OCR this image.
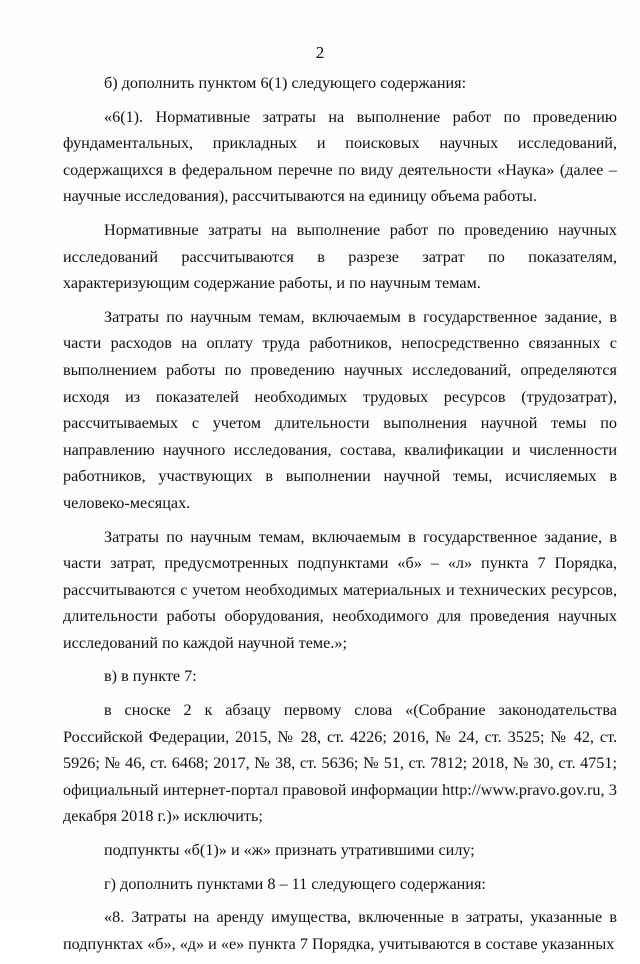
2

б) дополнить пунктом 6(1) следующего содержания:

«6(1). Нормативные затраты на выполнение работ по проведению фундаментальных, прикладных и поисковых научных исследований, содержащихся в федеральном перечне по виду деятельности «Наука» (далее – научные исследования), рассчитываются на единицу объема работы.

Нормативные затраты на выполнение работ по проведению научных исследований рассчитываются в разрезе затрат по показателям, характеризующим содержание работы, и по научным темам.

Затраты по научным темам, включаемым в государственное задание, в части расходов на оплату труда работников, непосредственно связанных с выполнением работы по проведению научных исследований, определяются исходя из показателей необходимых трудовых ресурсов (трудозатрат), рассчитываемых с учетом длительности выполнения научной темы по направлению научного исследования, состава, квалификации и численности работников, участвующих в выполнении научной темы, исчисляемых в человеко-месяцах.

Затраты по научным темам, включаемым в государственное задание, в части затрат, предусмотренных подпунктами «б» – «л» пункта 7 Порядка, рассчитываются с учетом необходимых материальных и технических ресурсов, длительности работы оборудования, необходимого для проведения научных исследований по каждой научной теме.»;

в) в пункте 7:

в сноске 2 к абзацу первому слова «(Собрание законодательства Российской Федерации, 2015, № 28, ст. 4226; 2016, № 24, ст. 3525; № 42, ст. 5926; № 46, ст. 6468; 2017, № 38, ст. 5636; № 51, ст. 7812; 2018, № 30, ст. 4751; официальный интернет-портал правовой информации http://www.pravo.gov.ru, 3 декабря 2018 г.)» исключить;

подпункты «б(1)» и «ж» признать утратившими силу;

г) дополнить пунктами 8 – 11 следующего содержания:

«8. Затраты на аренду имущества, включенные в затраты, указанные в подпунктах «б», «д» и «е» пункта 7 Порядка, учитываются в составе указанных
